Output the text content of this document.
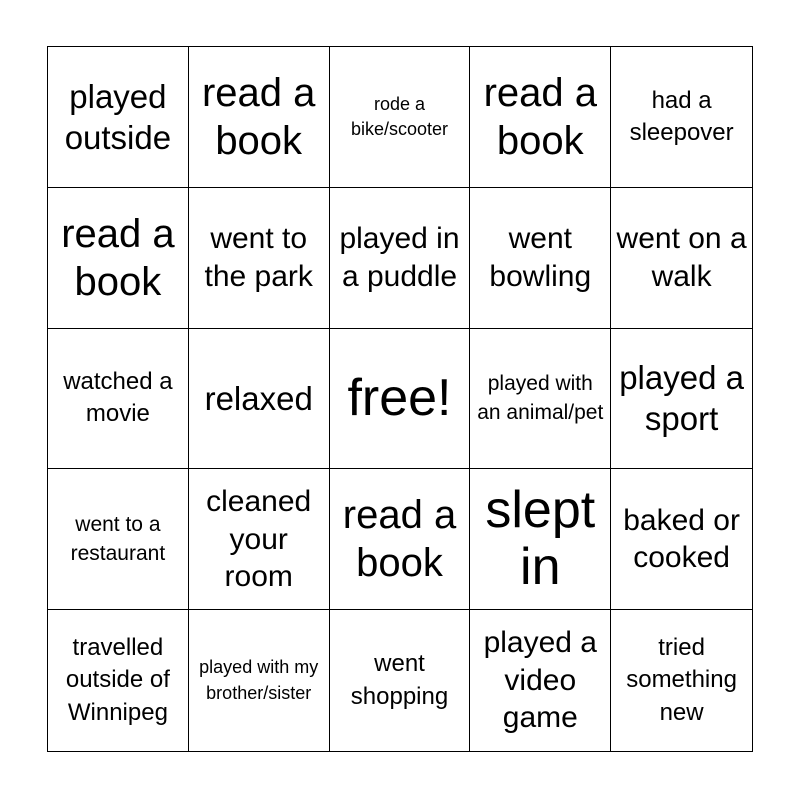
played outside
read a book
rode a bike/scooter
read a book
had a sleepover
read a book
went to the park
played in a puddle
went bowling
went on a walk
watched a movie	relaxed free!	played with an animal/pet
played a sport
went to a restaurant
cleaned your room
read a book
slept in
baked or cooked
travelled outside of Winnipeg
played with my brother/sister
went shopping
played a video game
tried something new
